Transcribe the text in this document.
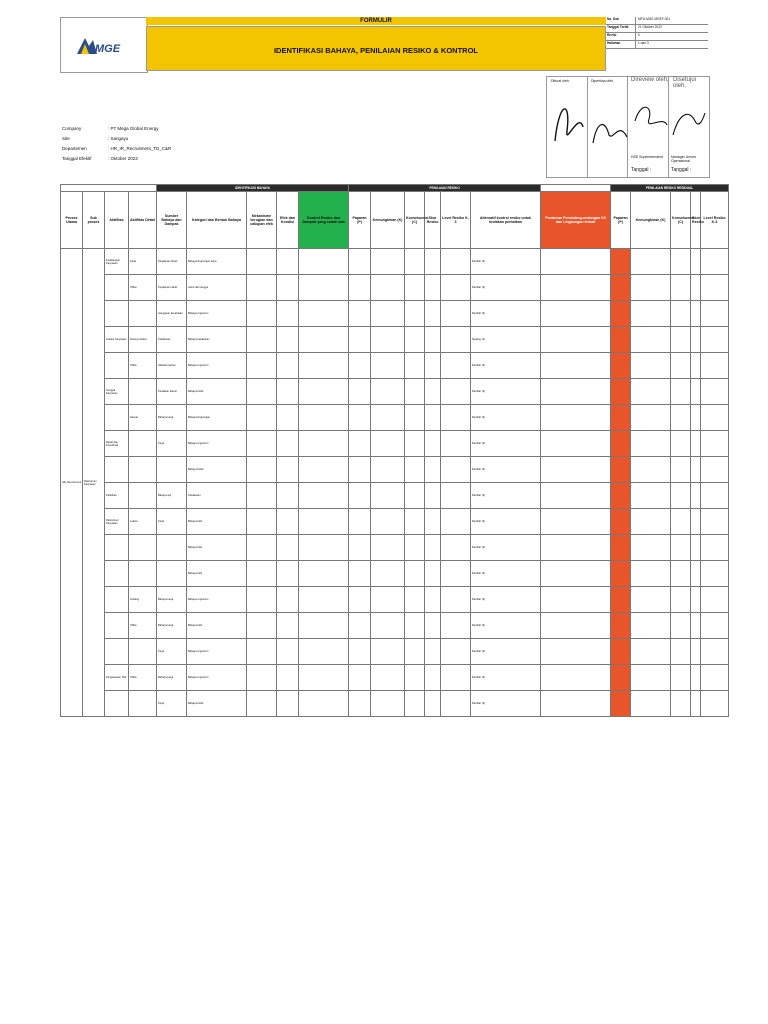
MGE
FORMULIR
IDENTIFIKASI BAHAYA, PENILAIAN RESIKO & KONTROL
No. Dok	MPU-MGE-MGEF-001
Tanggal Terbit	21 Oktober 2023
Revisi	0
Halaman	1 dari 3
Dibuat oleh,	Diperiksa oleh,	Direview oleh, Disetujui oleh,
HSE Superintendent Manager Umum Operasional
Tanggal :	Tanggal :
Company	: PT Mega Global Energy
Site	: Sangayu
Departemen	: HR_IR_Recruitment_TD_C&R
Tanggal Efektif	: Oktober 2023
				IDENTIFIKASI BAHAYA					PENILAIAN RESIKO							PENILAIAN RESIKO RESIDUAL					
Proses Utama	Sub proses	Aktifitas	Aktifitas Detail	Sumber Bahaya dan Dampak	Kategori dan Bentuk Bahaya	Mekanisme kerugian dan cakupan efek	Efek dan Kondisi	Kontrol Resiko dan Dampak yang sudah ada	Paparan (P)	Kemungkinan (K)	Konsekuensi (C)	Skor Resiko	Level Resiko K-3	Alternatif kontrol resiko untuk tindakan perbaikan	Peraturan Perundang-undangan K3 dan Lingkungan terkait	Paparan (P)	Kemungkinan (K)	Konsekuensi (C)	Skor Resiko	Level Resiko K-3	
HR_Recruitment	Rekrutmen Karyawan	Kedatangan Karyawan	Kerja	Perjalanan dinas	Bahaya lingkungan kerja									Rendah (3)							
			Office	Perjalanan darat	Jatuh dari tangga									Rendah (3)							
				Gangguan kesehatan	Bahaya ergonomi									Rendah (3)							
		Induksi Karyawan	Ruang Induksi	Kebakaran	Bahaya kebakaran									Sedang (3)							
			Office	Aktivitas kantor	Bahaya ergonomi									Rendah (3)							
		Tanggal Karyawan		Peralatan kantor	Bahaya listrik									Rendah (3)							
			Sesuai	Bahaya kerja	Bahaya lingkungan									Rendah (3)							
		Rapat dan Koordinasi		Kerja	Bahaya ergonomi									Rendah (3)							
					Bahaya listrik									Rendah (3)							
		Pelatihan		Bahaya api	Kebakaran									Rendah (3)							
		Rekrutmen Karyawan	Lokasi	Kerja	Bahaya fisik									Rendah (3)							
					Bahaya fisik									Rendah (3)							
					Bahaya fisik									Rendah (3)							
			Gudang	Bahaya kerja	Bahaya ergonomi									Rendah (3)							
			Office	Bahaya kerja	Bahaya fisik									Rendah (3)							
				Kerja	Bahaya ergonomi									Rendah (3)							
		Pengawasan Staf	Office	Bahaya kerja	Bahaya ergonomi									Rendah (3)							
				Kerja	Bahaya listrik									Rendah (3)							
